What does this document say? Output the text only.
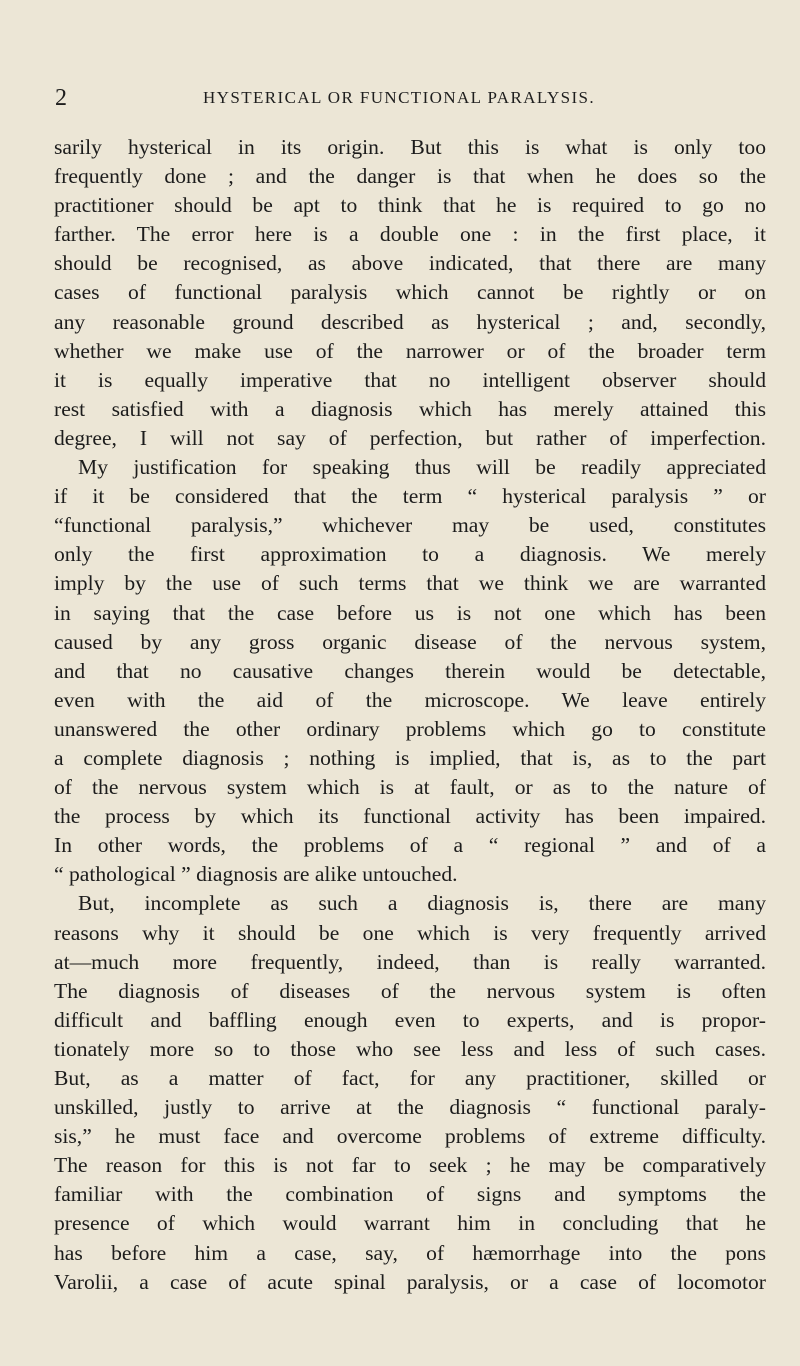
2	HYSTERICAL OR FUNCTIONAL PARALYSIS.
sarily hysterical in its origin. But this is what is only too
frequently done ; and the danger is that when he does so the
practitioner should be apt to think that he is required to go no
farther. The error here is a double one : in the first place, it
should be recognised, as above indicated, that there are many
cases of functional paralysis which cannot be rightly or on
any reasonable ground described as hysterical ; and, secondly,
whether we make use of the narrower or of the broader term
it is equally imperative that no intelligent observer should
rest satisfied with a diagnosis which has merely attained this
degree, I will not say of perfection, but rather of imperfection.
My justification for speaking thus will be readily appreciated
if it be considered that the term “ hysterical paralysis ” or
“functional paralysis,” whichever may be used, constitutes
only the first approximation to a diagnosis. We merely
imply by the use of such terms that we think we are warranted
in saying that the case before us is not one which has been
caused by any gross organic disease of the nervous system,
and that no causative changes therein would be detectable,
even with the aid of the microscope. We leave entirely
unanswered the other ordinary problems which go to constitute
a complete diagnosis ; nothing is implied, that is, as to the part
of the nervous system which is at fault, or as to the nature of
the process by which its functional activity has been impaired.
In other words, the problems of a “ regional ” and of a
“ pathological ” diagnosis are alike untouched.
But, incomplete as such a diagnosis is, there are many
reasons why it should be one which is very frequently arrived
at—much more frequently, indeed, than is really warranted.
The diagnosis of diseases of the nervous system is often
difficult and baffling enough even to experts, and is propor-
tionately more so to those who see less and less of such cases.
But, as a matter of fact, for any practitioner, skilled or
unskilled, justly to arrive at the diagnosis “ functional paraly-
sis,” he must face and overcome problems of extreme difficulty.
The reason for this is not far to seek ; he may be comparatively
familiar with the combination of signs and symptoms the
presence of which would warrant him in concluding that he
has before him a case, say, of hæmorrhage into the pons
Varolii, a case of acute spinal paralysis, or a case of locomotor
